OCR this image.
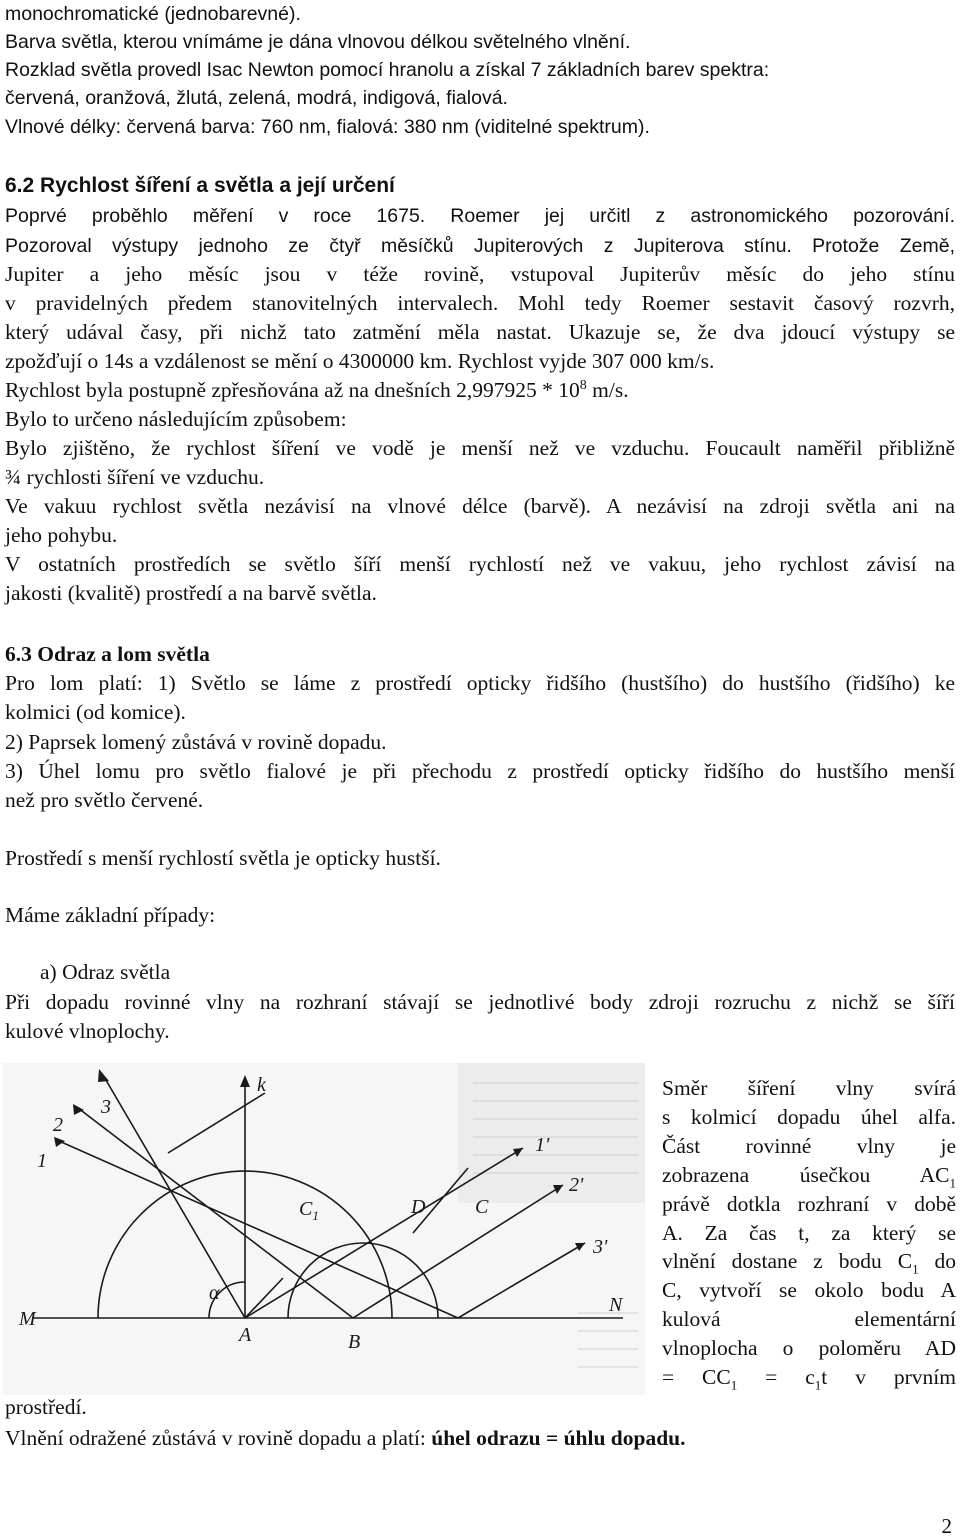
monochromatické (jednobarevné).
Barva světla, kterou vnímáme je dána vlnovou délkou světelného vlnění.
Rozklad světla provedl Isac Newton pomocí hranolu a získal 7 základních barev spektra:
červená, oranžová, žlutá, zelená, modrá, indigová, fialová.
Vlnové délky: červená barva: 760 nm, fialová: 380 nm (viditelné spektrum).
6.2 Rychlost šíření a světla a její určení
Poprvé proběhlo měření v roce 1675. Roemer jej určitl z astronomického pozorování.
Pozoroval výstupy jednoho ze čtyř měsíčků Jupiterových z Jupiterova stínu. Protože Země,
Jupiter a jeho měsíc jsou v téže rovině, vstupoval Jupiterův měsíc do jeho stínu
v pravidelných předem stanovitelných intervalech. Mohl tedy Roemer sestavit časový rozvrh,
který udával časy, při nichž tato zatmění měla nastat. Ukazuje se, že dva jdoucí výstupy se
zpožďují o 14s a vzdálenost se mění o 4300000 km. Rychlost vyjde 307 000 km/s.
Rychlost byla postupně zpřesňována až na dnešních $2,997925 * 10^8$ m/s.
Bylo to určeno následujícím způsobem:
Bylo zjištěno, že rychlost šíření ve vodě je menší než ve vzduchu. Foucault naměřil přibližně
¾ rychlosti šíření ve vzduchu.
Ve vakuu rychlost světla nezávisí na vlnové délce (barvě). A nezávisí na zdroji světla ani na
jeho pohybu.
V ostatních prostředích se světlo šíří menší rychlostí než ve vakuu, jeho rychlost závisí na
jakosti (kvalitě) prostředí a na barvě světla.
6.3 Odraz a lom světla
Pro lom platí: 1) Světlo se láme z prostředí opticky řidšího (hustšího) do hustšího (řidšího) ke
kolmici (od komice).
2) Paprsek lomený zůstává v rovině dopadu.
3) Úhel lomu pro světlo fialové je při přechodu z prostředí opticky řidšího do hustšího menší
než pro světlo červené.
Prostředí s menší rychlostí světla je opticky hustší.
Máme základní případy:
a) Odraz světla
Při dopadu rovinné vlny na rozhraní stávají se jednotlivé body zdroji rozruchu z nichž se šíří
kulové vlnoplochy.
k
3
2
1
1'
2'
3'
$C_1$	D C
α
M
N
A	B
Směr šíření vlny svírá
s kolmicí dopadu úhel alfa.
Část rovinné vlny je
zobrazena úsečkou $AC_1$
právě dotkla rozhraní v době
A. Za čas t, za který se
vlnění dostane z bodu $C_1$ do
C, vytvoří se okolo bodu A
kulová elementární
vlnoplocha o poloměru AD
= $CC_1 = c_1t$ v prvním
prostředí.
Vlnění odražené zůstává v rovině dopadu a platí: úhel odrazu = úhlu dopadu.
2
